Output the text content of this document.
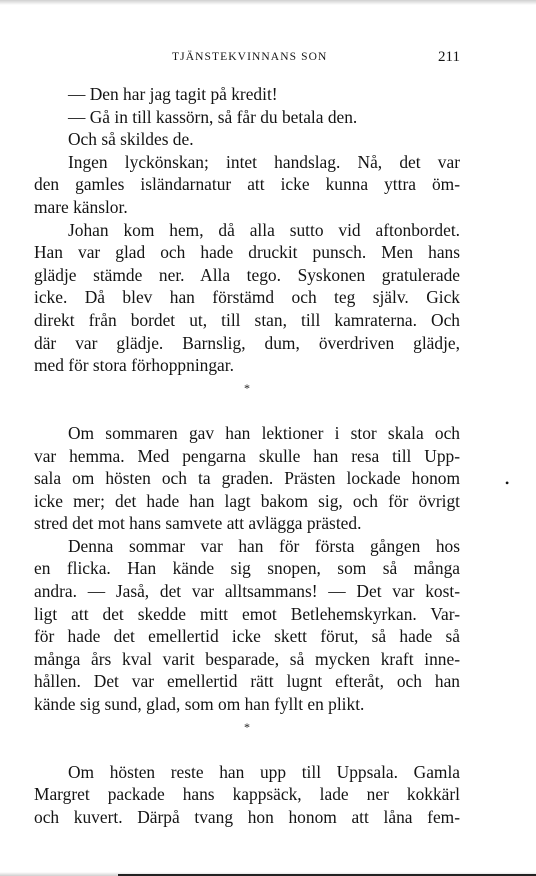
TJÄNSTEKVINNANS SON	211
— Den har jag tagit på kredit!
— Gå in till kassörn, så får du betala den.
Och så skildes de.
Ingen lyckönskan; intet handslag. Nå, det var
den gamles isländarnatur att icke kunna yttra öm-
mare känslor.
Johan kom hem, då alla sutto vid aftonbordet.
Han var glad och hade druckit punsch. Men hans
glädje stämde ner. Alla tego. Syskonen gratulerade
icke. Då blev han förstämd och teg själv. Gick
direkt från bordet ut, till stan, till kamraterna. Och
där var glädje. Barnslig, dum, överdriven glädje,
med för stora förhoppningar.
*
Om sommaren gav han lektioner i stor skala och
var hemma. Med pengarna skulle han resa till Upp-
sala om hösten och ta graden. Prästen lockade honom
icke mer; det hade han lagt bakom sig, och för övrigt
stred det mot hans samvete att avlägga prästed.
Denna sommar var han för första gången hos
en flicka. Han kände sig snopen, som så många
andra. — Jaså, det var alltsammans! — Det var kost-
ligt att det skedde mitt emot Betlehemskyrkan. Var-
för hade det emellertid icke skett förut, så hade så
många års kval varit besparade, så mycken kraft inne-
hållen. Det var emellertid rätt lugnt efteråt, och han
kände sig sund, glad, som om han fyllt en plikt.
*
Om hösten reste han upp till Uppsala. Gamla
Margret packade hans kappsäck, lade ner kokkärl
och kuvert. Därpå tvang hon honom att låna fem-
•
